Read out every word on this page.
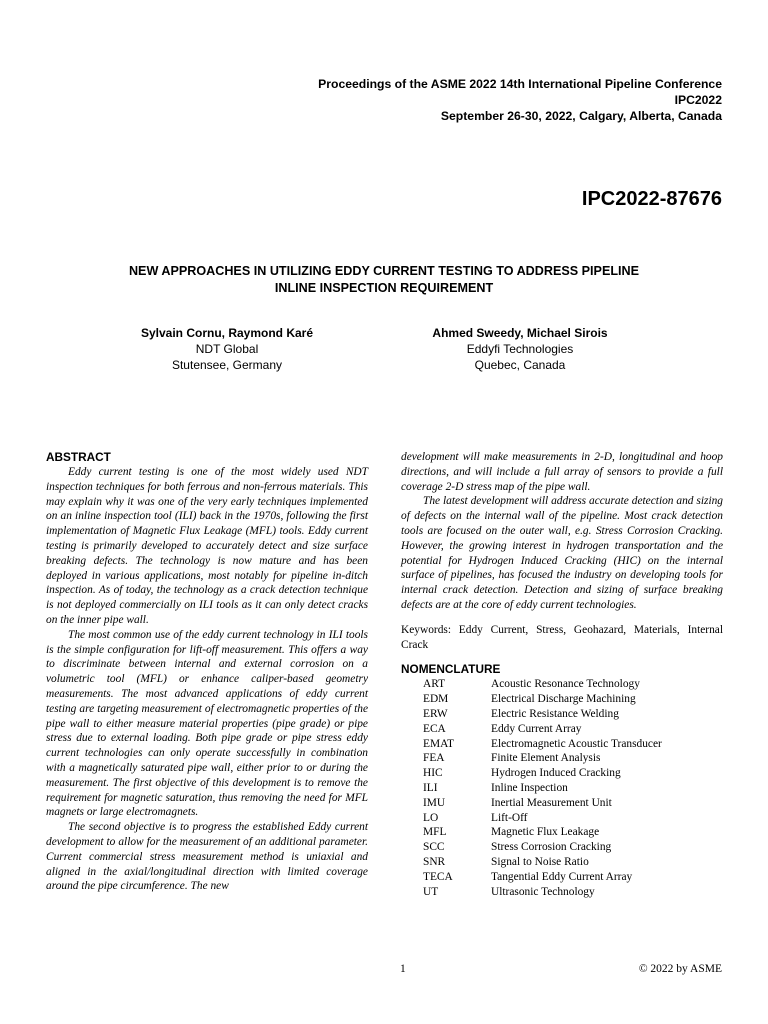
Proceedings of the ASME 2022 14th International Pipeline Conference
IPC2022
September 26-30, 2022, Calgary, Alberta, Canada
IPC2022-87676
NEW APPROACHES IN UTILIZING EDDY CURRENT TESTING TO ADDRESS PIPELINE
INLINE INSPECTION REQUIREMENT
Sylvain Cornu, Raymond Karé
NDT Global
Stutensee, Germany
Ahmed Sweedy, Michael Sirois
Eddyfi Technologies
Quebec, Canada
ABSTRACT

Eddy current testing is one of the most widely used NDT inspection techniques for both ferrous and non-ferrous materials. This may explain why it was one of the very early techniques implemented on an inline inspection tool (ILI) back in the 1970s, following the first implementation of Magnetic Flux Leakage (MFL) tools. Eddy current testing is primarily developed to accurately detect and size surface breaking defects. The technology is now mature and has been deployed in various applications, most notably for pipeline in-ditch inspection. As of today, the technology as a crack detection technique is not deployed commercially on ILI tools as it can only detect cracks on the inner pipe wall.

The most common use of the eddy current technology in ILI tools is the simple configuration for lift-off measurement. This offers a way to discriminate between internal and external corrosion on a volumetric tool (MFL) or enhance caliper-based geometry measurements. The most advanced applications of eddy current testing are targeting measurement of electromagnetic properties of the pipe wall to either measure material properties (pipe grade) or pipe stress due to external loading. Both pipe grade or pipe stress eddy current technologies can only operate successfully in combination with a magnetically saturated pipe wall, either prior to or during the measurement. The first objective of this development is to remove the requirement for magnetic saturation, thus removing the need for MFL magnets or large electromagnets.

The second objective is to progress the established Eddy current development to allow for the measurement of an additional parameter. Current commercial stress measurement method is uniaxial and aligned in the axial/longitudinal direction with limited coverage around the pipe circumference. The new

development will make measurements in 2-D, longitudinal and hoop directions, and will include a full array of sensors to provide a full coverage 2-D stress map of the pipe wall.

The latest development will address accurate detection and sizing of defects on the internal wall of the pipeline. Most crack detection tools are focused on the outer wall, e.g. Stress Corrosion Cracking. However, the growing interest in hydrogen transportation and the potential for Hydrogen Induced Cracking (HIC) on the internal surface of pipelines, has focused the industry on developing tools for internal crack detection. Detection and sizing of surface breaking defects are at the core of eddy current technologies.

Keywords: Eddy Current, Stress, Geohazard, Materials, Internal Crack
NOMENCLATURE
ART	Acoustic Resonance Technology
EDM	Electrical Discharge Machining
ERW	Electric Resistance Welding
ECA	Eddy Current Array
EMAT	Electromagnetic Acoustic Transducer
FEA	Finite Element Analysis
HIC	Hydrogen Induced Cracking
ILI	Inline Inspection
IMU	Inertial Measurement Unit
LO	Lift-Off
MFL	Magnetic Flux Leakage
SCC	Stress Corrosion Cracking
SNR	Signal to Noise Ratio
TECA	Tangential Eddy Current Array
UT	Ultrasonic Technology
1	© 2022 by ASME
